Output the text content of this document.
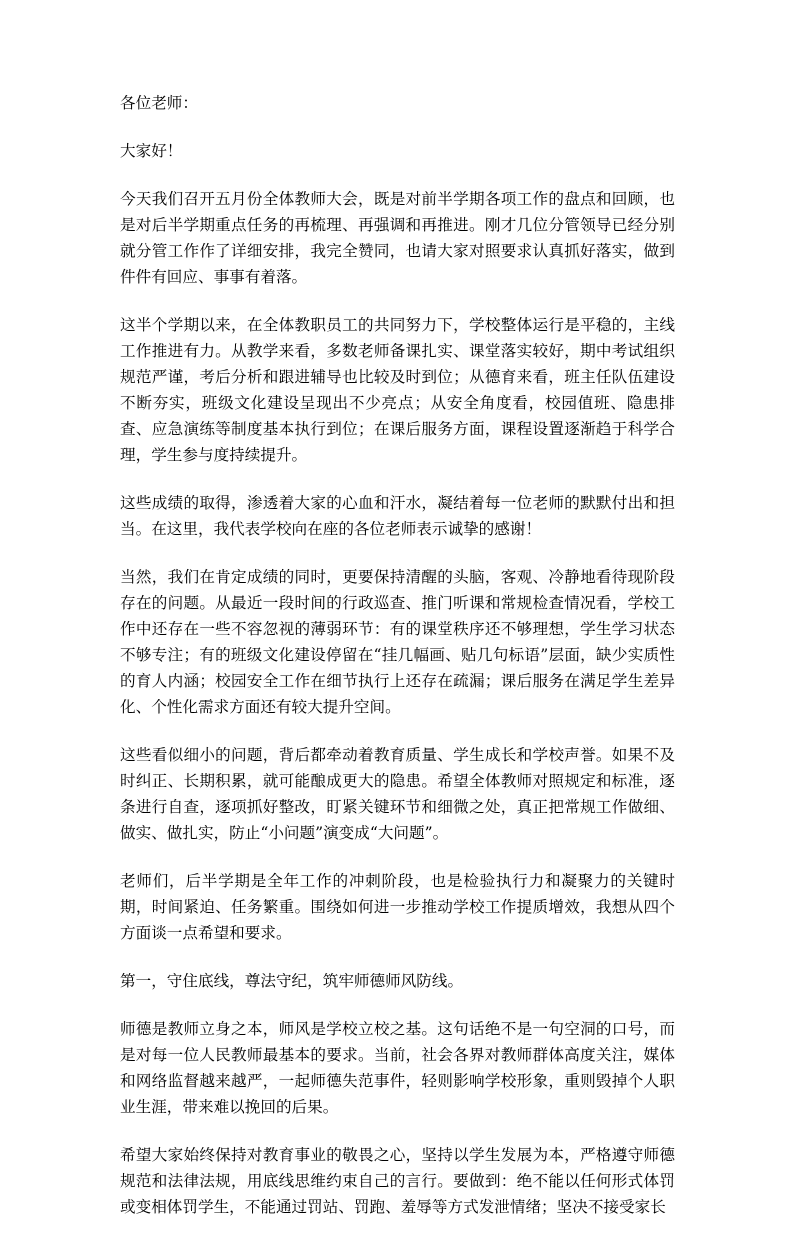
各位老师：

大家好！

今天我们召开五月份全体教师大会，既是对前半学期各项工作的盘点和回顾，也是对后半学期重点任务的再梳理、再强调和再推进。刚才几位分管领导已经分别就分管工作作了详细安排，我完全赞同，也请大家对照要求认真抓好落实，做到件件有回应、事事有着落。

这半个学期以来，在全体教职员工的共同努力下，学校整体运行是平稳的，主线工作推进有力。从教学来看，多数老师备课扎实、课堂落实较好，期中考试组织规范严谨，考后分析和跟进辅导也比较及时到位；从德育来看，班主任队伍建设不断夯实，班级文化建设呈现出不少亮点；从安全角度看，校园值班、隐患排查、应急演练等制度基本执行到位；在课后服务方面，课程设置逐渐趋于科学合理，学生参与度持续提升。

这些成绩的取得，渗透着大家的心血和汗水，凝结着每一位老师的默默付出和担当。在这里，我代表学校向在座的各位老师表示诚挚的感谢！

当然，我们在肯定成绩的同时，更要保持清醒的头脑，客观、冷静地看待现阶段存在的问题。从最近一段时间的行政巡查、推门听课和常规检查情况看，学校工作中还存在一些不容忽视的薄弱环节：有的课堂秩序还不够理想，学生学习状态不够专注；有的班级文化建设停留在“挂几幅画、贴几句标语”层面，缺少实质性的育人内涵；校园安全工作在细节执行上还存在疏漏；课后服务在满足学生差异化、个性化需求方面还有较大提升空间。

这些看似细小的问题，背后都牵动着教育质量、学生成长和学校声誉。如果不及时纠正、长期积累，就可能酿成更大的隐患。希望全体教师对照规定和标准，逐条进行自查，逐项抓好整改，盯紧关键环节和细微之处，真正把常规工作做细、做实、做扎实，防止“小问题”演变成“大问题”。

老师们，后半学期是全年工作的冲刺阶段，也是检验执行力和凝聚力的关键时期，时间紧迫、任务繁重。围绕如何进一步推动学校工作提质增效，我想从四个方面谈一点希望和要求。

第一，守住底线，尊法守纪，筑牢师德师风防线。

师德是教师立身之本，师风是学校立校之基。这句话绝不是一句空洞的口号，而是对每一位人民教师最基本的要求。当前，社会各界对教师群体高度关注，媒体和网络监督越来越严，一起师德失范事件，轻则影响学校形象，重则毁掉个人职业生涯，带来难以挽回的后果。

希望大家始终保持对教育事业的敬畏之心，坚持以学生发展为本，严格遵守师德规范和法律法规，用底线思维约束自己的言行。要做到：绝不能以任何形式体罚或变相体罚学生，不能通过罚站、罚跑、羞辱等方式发泄情绪；坚决不接受家长
